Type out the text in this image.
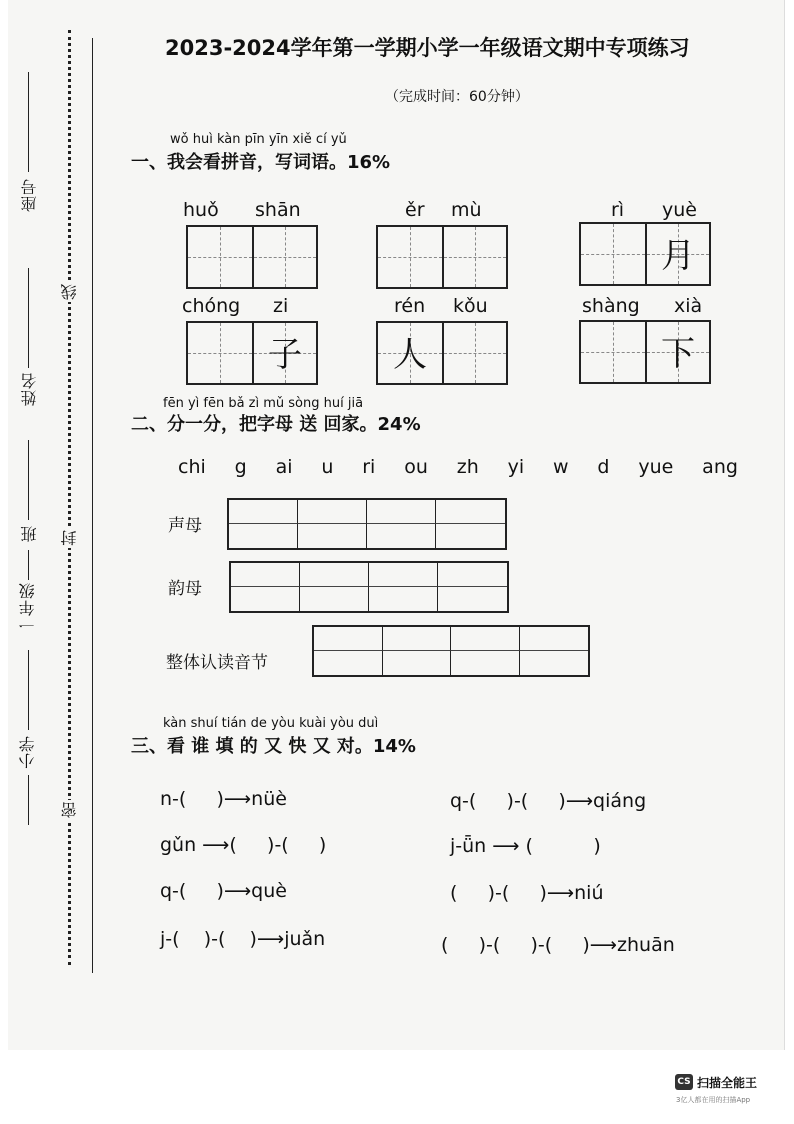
座号
姓名
班
一年级
小学
线
封
密
2023-2024学年第一学期小学一年级语文期中专项练习
（完成时间：60分钟）
wǒ huì kàn pīn yīn xiě cí yǔ
一、我会看拼音，写词语。16%
huǒ shān	ěr mù	rì yuè
月
chóng zi
子
rén kǒu
人
shàng xià
下
fēn yì fēn bǎ zì mǔ sòng huí jiā
二、分一分，把字母 送 回家。24%
chi g ai u ri ou zh yi w d yue ang
声母
韵母
整体认读音节
kàn shuí tián de yòu kuài yòu duì
三、看 谁 填 的 又 快 又 对。14%
n-(     )⟶nüè	q-(     )-(     )⟶qiáng
gǔn ⟶(     )-(     )	j-ǖn ⟶ (          )
q-(     )⟶què	(     )-(     )⟶niú
j-(    )-(    )⟶juǎn	(     )-(     )-(     )⟶zhuān
CS 扫描全能王
3亿人都在用的扫描App
